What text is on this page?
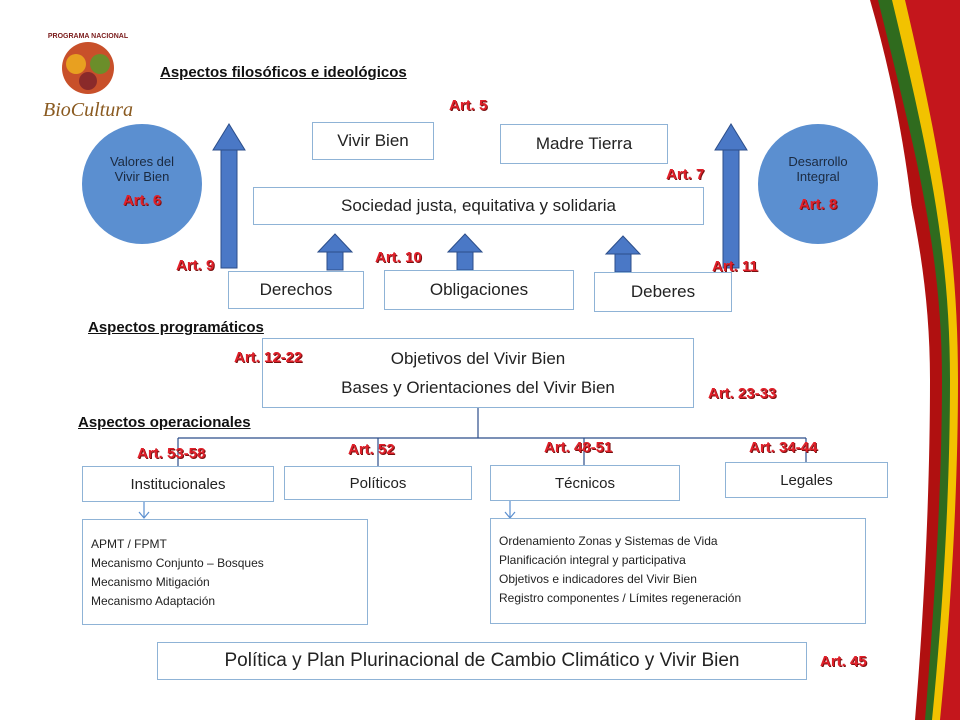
PROGRAMA NACIONAL
BioCultura
Aspectos filosóficos e ideológicos
Aspectos programáticos
Aspectos operacionales
Valores del
Vivir Bien
Art. 6
Desarrollo
Integral
Art. 8
Vivir Bien	Madre Tierra
Sociedad justa, equitativa y solidaria
Derechos	Obligaciones	Deberes
Objetivos del Vivir Bien
Bases y Orientaciones del Vivir Bien
Institucionales	Políticos	Técnicos	Legales
APMT / FPMT
Mecanismo Conjunto – Bosques
Mecanismo Mitigación
Mecanismo Adaptación
Ordenamiento Zonas y Sistemas de Vida
Planificación integral y participativa
Objetivos e indicadores del Vivir Bien
Registro componentes / Límites regeneración
Política y Plan Plurinacional de Cambio Climático y Vivir Bien
Art. 5
Art. 7
Art. 9	Art. 10
Art. 11
Art. 12-22
Art. 23-33
Art. 53-58	Art. 52	Art. 48-51	Art. 34-44
Art. 45
